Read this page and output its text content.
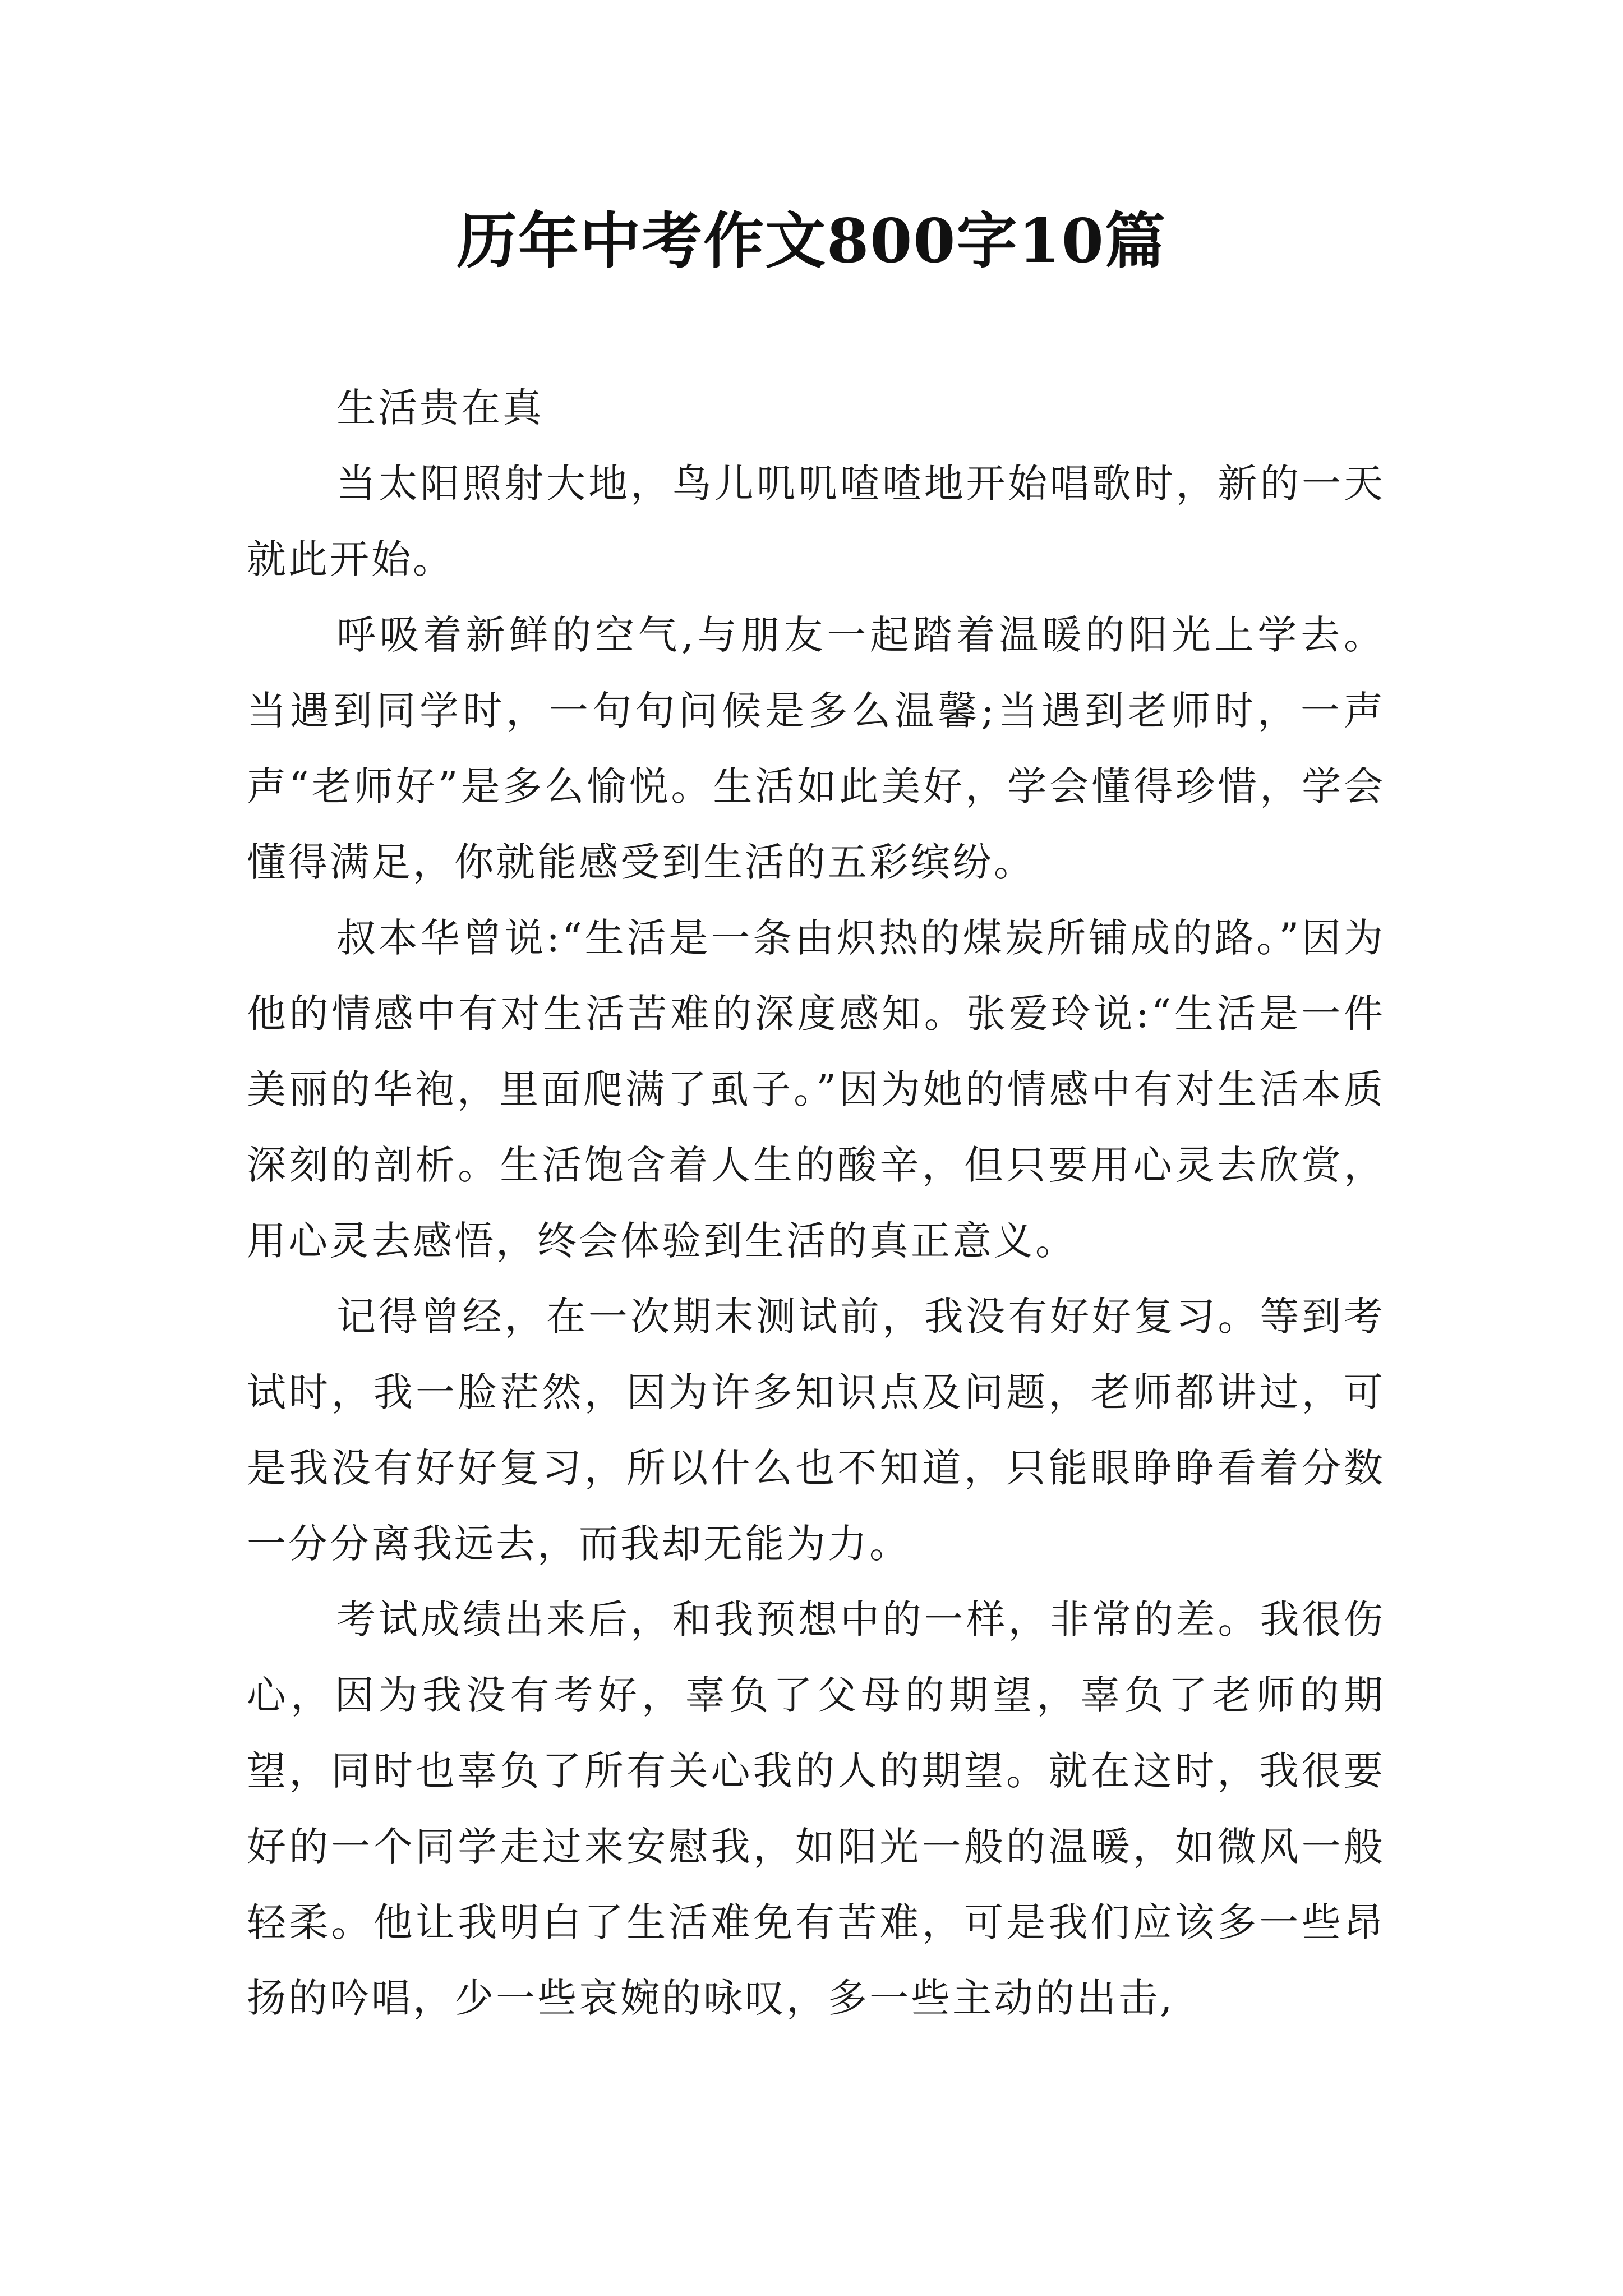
历年中考作文800字10篇

生活贵在真

当太阳照射大地，鸟儿叽叽喳喳地开始唱歌时，新的一天就此开始。

呼吸着新鲜的空气,与朋友一起踏着温暖的阳光上学去。当遇到同学时，一句句问候是多么温馨;当遇到老师时，一声声“老师好”是多么愉悦。生活如此美好，学会懂得珍惜，学会懂得满足，你就能感受到生活的五彩缤纷。

叔本华曾说:“生活是一条由炽热的煤炭所铺成的路。”因为他的情感中有对生活苦难的深度感知。张爱玲说:“生活是一件美丽的华袍，里面爬满了虱子。”因为她的情感中有对生活本质深刻的剖析。生活饱含着人生的酸辛，但只要用心灵去欣赏，用心灵去感悟，终会体验到生活的真正意义。

记得曾经，在一次期末测试前，我没有好好复习。等到考试时，我一脸茫然，因为许多知识点及问题，老师都讲过，可是我没有好好复习，所以什么也不知道，只能眼睁睁看着分数一分分离我远去，而我却无能为力。

考试成绩出来后，和我预想中的一样，非常的差。我很伤心，因为我没有考好，辜负了父母的期望，辜负了老师的期望，同时也辜负了所有关心我的人的期望。就在这时，我很要好的一个同学走过来安慰我，如阳光一般的温暖，如微风一般轻柔。他让我明白了生活难免有苦难，可是我们应该多一些昂扬的吟唱，少一些哀婉的咏叹，多一些主动的出击,
